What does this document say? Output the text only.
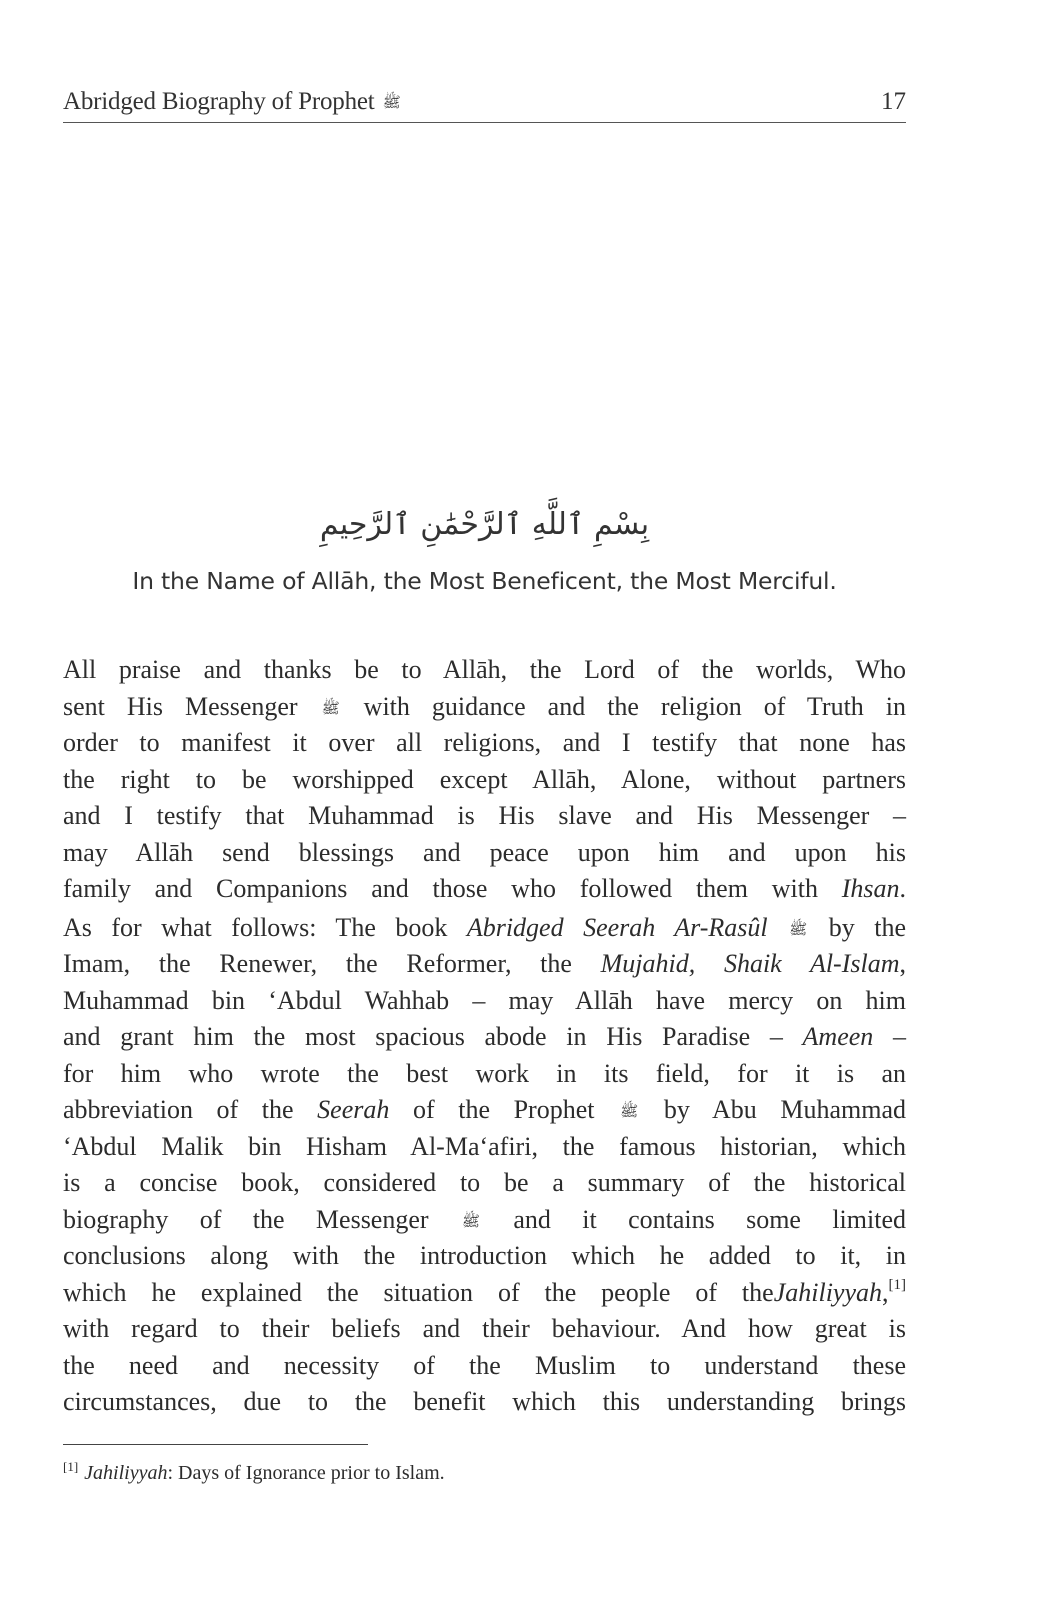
Abridged Biography of Prophet ﷺ	17
بِسْمِ ٱللَّهِ ٱلرَّحْمَٰنِ ٱلرَّحِيمِ
In the Name of Allāh, the Most Beneficent, the Most Merciful.
All praise and thanks be to Allāh, the Lord of the worlds, Who
sent His Messenger ﷺ with guidance and the religion of Truth in
order to manifest it over all religions, and I testify that none has
the right to be worshipped except Allāh, Alone, without partners
and I testify that Muhammad is His slave and His Messenger –
may Allāh send blessings and peace upon him and upon his
family and Companions and those who followed them with Ihsan.
As for what follows: The book Abridged Seerah Ar-Rasûl ﷺ by the
Imam, the Renewer, the Reformer, the Mujahid, Shaik Al-Islam,
Muhammad bin ‘Abdul Wahhab – may Allāh have mercy on him
and grant him the most spacious abode in His Paradise – Ameen –
for him who wrote the best work in its field, for it is an
abbreviation of the Seerah of the Prophet ﷺ by Abu Muhammad
‘Abdul Malik bin Hisham Al-Ma‘afiri, the famous historian, which
is a concise book, considered to be a summary of the historical
biography of the Messenger ﷺ and it contains some limited
conclusions along with the introduction which he added to it, in
which he explained the situation of the people of theJahiliyyah,[1]
with regard to their beliefs and their behaviour. And how great is
the need and necessity of the Muslim to understand these
circumstances, due to the benefit which this understanding brings
[1] Jahiliyyah: Days of Ignorance prior to Islam.
